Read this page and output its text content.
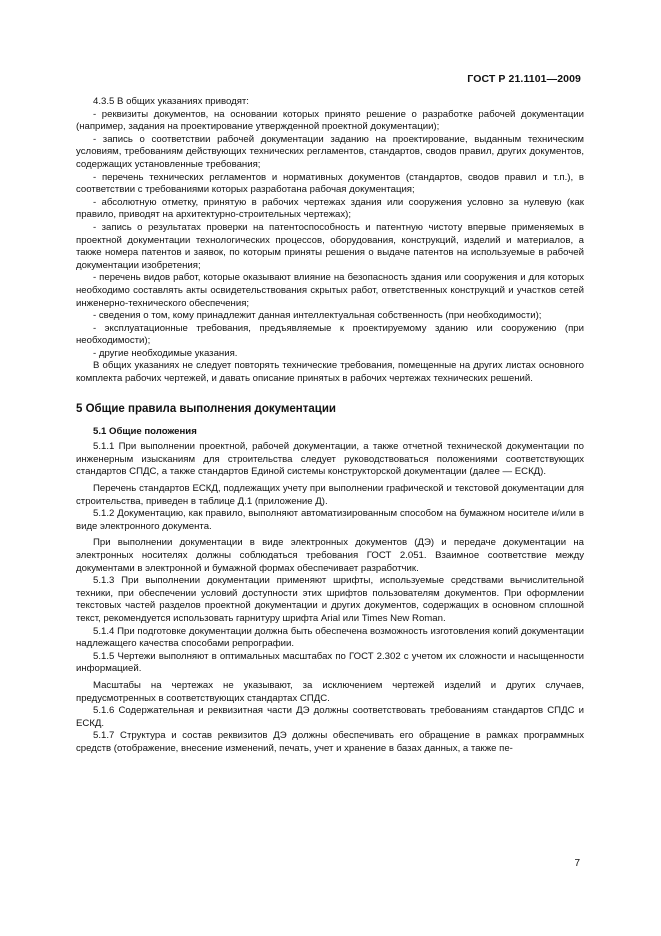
ГОСТ Р 21.1101—2009

4.3.5 В общих указаниях приводят:

- реквизиты документов, на основании которых принято решение о разработке рабочей документации (например, задания на проектирование утвержденной проектной документации);

- запись о соответствии рабочей документации заданию на проектирование, выданным техническим условиям, требованиям действующих технических регламентов, стандартов, сводов правил, других документов, содержащих установленные требования;

- перечень технических регламентов и нормативных документов (стандартов, сводов правил и т.п.), в соответствии с требованиями которых разработана рабочая документация;

- абсолютную отметку, принятую в рабочих чертежах здания или сооружения условно за нулевую (как правило, приводят на архитектурно-строительных чертежах);

- запись о результатах проверки на патентоспособность и патентную чистоту впервые применяемых в проектной документации технологических процессов, оборудования, конструкций, изделий и материалов, а также номера патентов и заявок, по которым приняты решения о выдаче патентов на используемые в рабочей документации изобретения;

- перечень видов работ, которые оказывают влияние на безопасность здания или сооружения и для которых необходимо составлять акты освидетельствования скрытых работ, ответственных конструкций и участков сетей инженерно-технического обеспечения;

- сведения о том, кому принадлежит данная интеллектуальная собственность (при необходимости);

- эксплуатационные требования, предъявляемые к проектируемому зданию или сооружению (при необходимости);

- другие необходимые указания.

В общих указаниях не следует повторять технические требования, помещенные на других листах основного комплекта рабочих чертежей, и давать описание принятых в рабочих чертежах технических решений.

5 Общие правила выполнения документации
5.1 Общие положения

5.1.1 При выполнении проектной, рабочей документации, а также отчетной технической документации по инженерным изысканиям для строительства следует руководствоваться положениями соответствующих стандартов СПДС, а также стандартов Единой системы конструкторской документации (далее — ЕСКД).

Перечень стандартов ЕСКД, подлежащих учету при выполнении графической и текстовой документации для строительства, приведен в таблице Д.1 (приложение Д).

5.1.2 Документацию, как правило, выполняют автоматизированным способом на бумажном носителе и/или в виде электронного документа.

При выполнении документации в виде электронных документов (ДЭ) и передаче документации на электронных носителях должны соблюдаться требования ГОСТ 2.051. Взаимное соответствие между документами в электронной и бумажной формах обеспечивает разработчик.

5.1.3 При выполнении документации применяют шрифты, используемые средствами вычислительной техники, при обеспечении условий доступности этих шрифтов пользователям документов. При оформлении текстовых частей разделов проектной документации и других документов, содержащих в основном сплошной текст, рекомендуется использовать гарнитуру шрифта Arial или Times New Roman.

5.1.4 При подготовке документации должна быть обеспечена возможность изготовления копий документации надлежащего качества способами репрографии.

5.1.5 Чертежи выполняют в оптимальных масштабах по ГОСТ 2.302 с учетом их сложности и насыщенности информацией.

Масштабы на чертежах не указывают, за исключением чертежей изделий и других случаев, предусмотренных в соответствующих стандартах СПДС.

5.1.6 Содержательная и реквизитная части ДЭ должны соответствовать требованиям стандартов СПДС и ЕСКД.

5.1.7 Структура и состав реквизитов ДЭ должны обеспечивать его обращение в рамках программных средств (отображение, внесение изменений, печать, учет и хранение в базах данных, а также пе-

7
